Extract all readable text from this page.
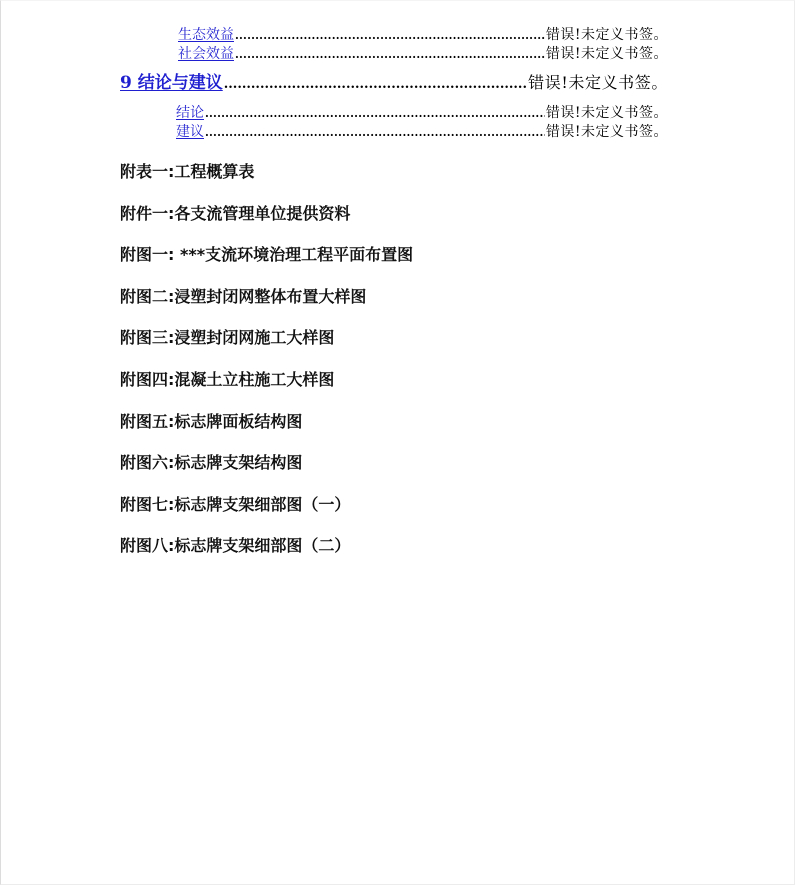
生态效益 .....	错误!未定义书签。
社会效益 .....	错误!未定义书签。
9 结论与建议 .....	错误!未定义书签。
结论 .....	错误!未定义书签。
建议 .....	错误!未定义书签。
附表一:工程概算表
附件一:各支流管理单位提供资料
附图一: ***支流环境治理工程平面布置图
附图二:浸塑封闭网整体布置大样图
附图三:浸塑封闭网施工大样图
附图四:混凝土立柱施工大样图
附图五:标志牌面板结构图
附图六:标志牌支架结构图
附图七:标志牌支架细部图（一）
附图八:标志牌支架细部图（二）
